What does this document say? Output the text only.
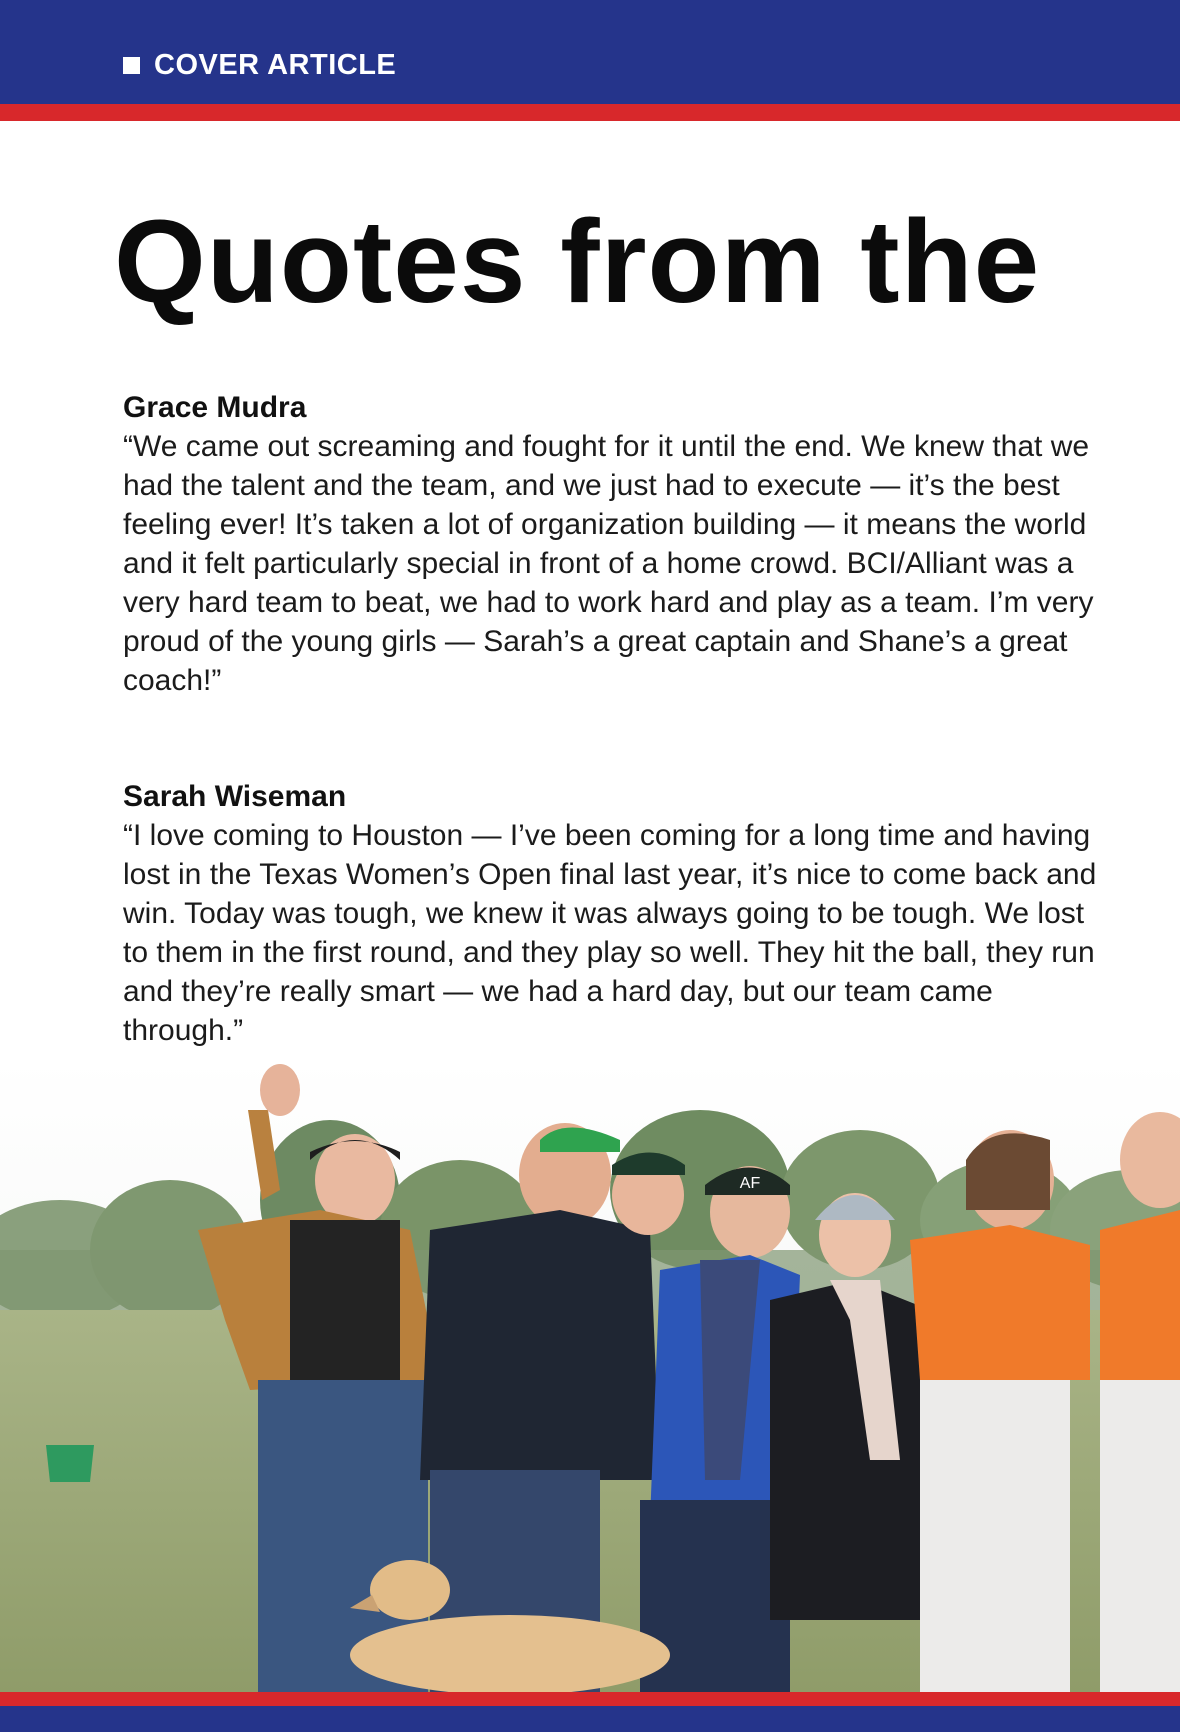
COVER ARTICLE
Quotes from the

Grace Mudra

“We came out screaming and fought for it until the end. We knew that we had the talent and the team, and we just had to execute — it’s the best feeling ever! It’s taken a lot of organization building — it means the world and it felt particularly special in front of a home crowd. BCI/Alliant was a very hard team to beat, we had to work hard and play as a team. I’m very proud of the young girls — Sarah’s a great captain and Shane’s a great coach!”

Sarah Wiseman

“I love coming to Houston — I’ve been coming for a long time and having lost in the Texas Women’s Open final last year, it’s nice to come back and win. Today was tough, we knew it was always going to be tough. We lost to them in the first round, and they play so well. They hit the ball, they run and they’re really smart — we had a hard day, but our team came through.”

AF
